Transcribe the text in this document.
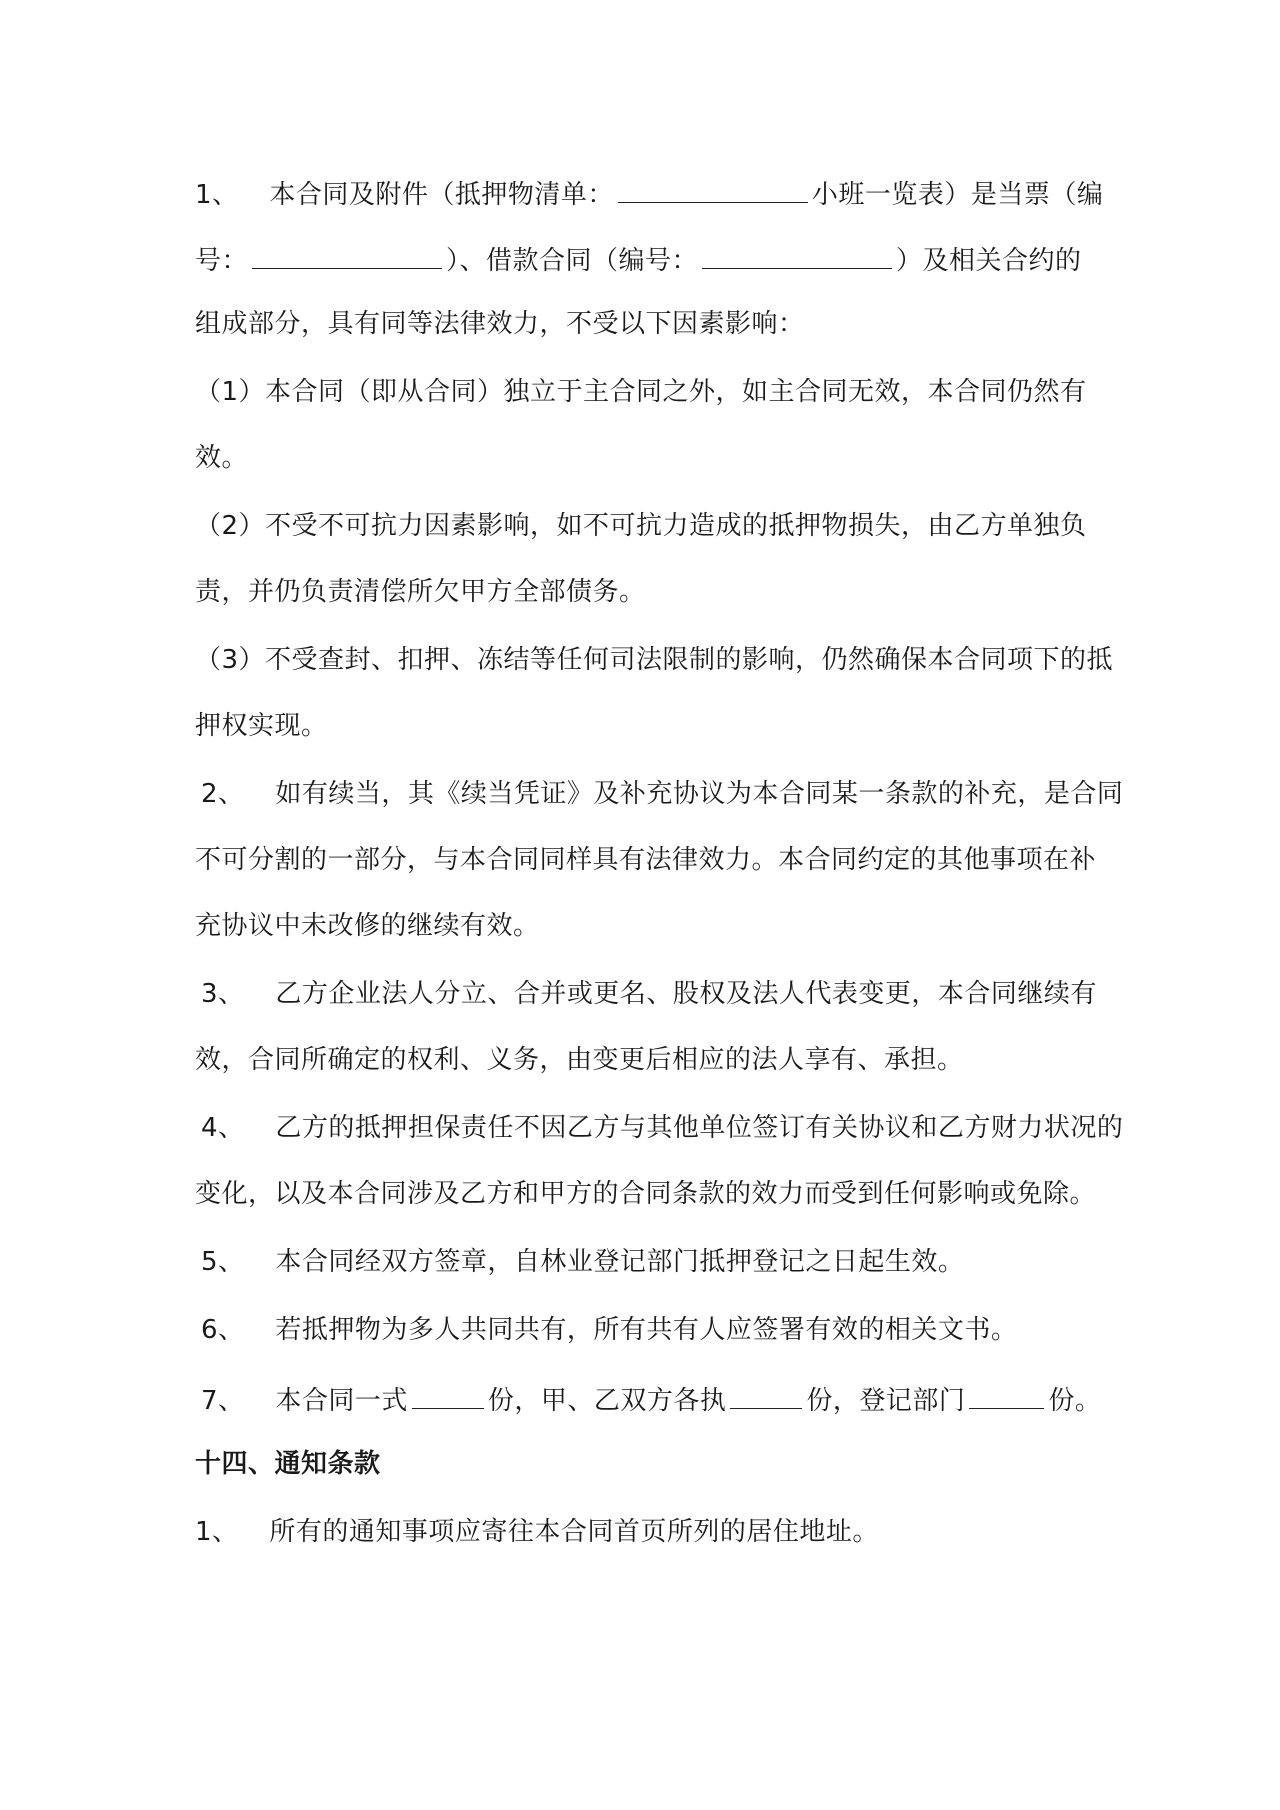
1、 本合同及附件（抵押物清单：	小班一览表）是当票（编
号：	）、借款合同（编号：	）及相关合约的
组成部分，具有同等法律效力，不受以下因素影响：
（1）本合同（即从合同）独立于主合同之外，如主合同无效，本合同仍然有
效。
（2）不受不可抗力因素影响，如不可抗力造成的抵押物损失，由乙方单独负
责，并仍负责清偿所欠甲方全部债务。
（3）不受查封、扣押、冻结等任何司法限制的影响，仍然确保本合同项下的抵
押权实现。
2、 如有续当，其《续当凭证》及补充协议为本合同某一条款的补充，是合同
不可分割的一部分，与本合同同样具有法律效力。本合同约定的其他事项在补
充协议中未改修的继续有效。
3、 乙方企业法人分立、合并或更名、股权及法人代表变更，本合同继续有
效，合同所确定的权利、义务，由变更后相应的法人享有、承担。
4、 乙方的抵押担保责任不因乙方与其他单位签订有关协议和乙方财力状况的
变化，以及本合同涉及乙方和甲方的合同条款的效力而受到任何影响或免除。
5、 本合同经双方签章，自林业登记部门抵押登记之日起生效。
6、 若抵押物为多人共同共有，所有共有人应签署有效的相关文书。
7、 本合同一式	份，甲、乙双方各执	份，登记部门	份。
十四、通知条款
1、 所有的通知事项应寄往本合同首页所列的居住地址。
